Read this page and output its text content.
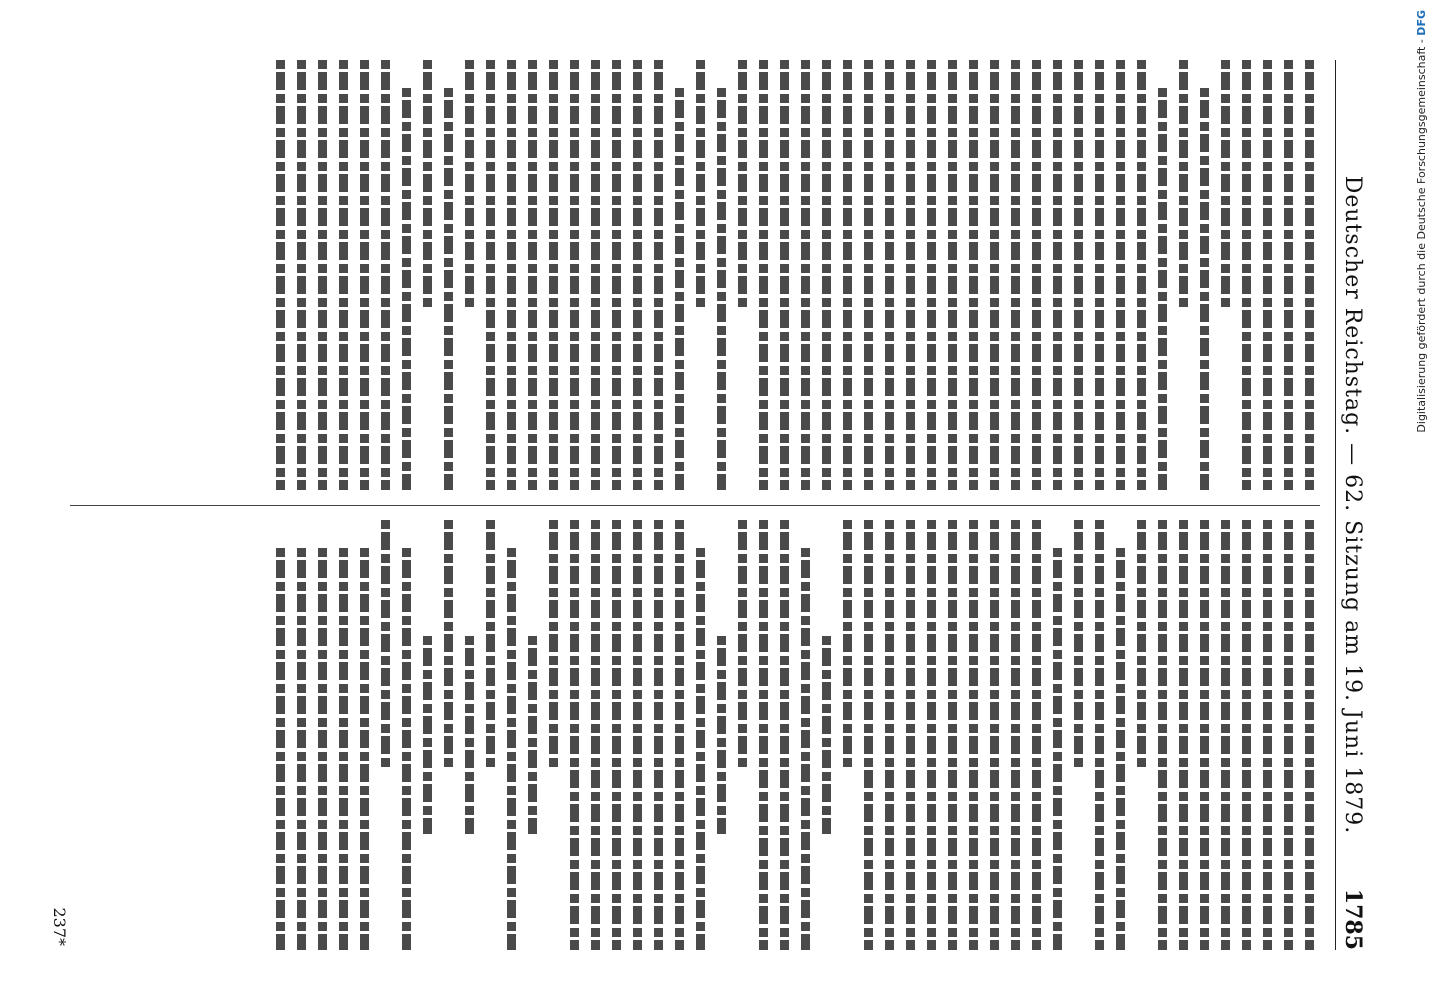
Deutscher Reichstag. — 62. Sitzung am 19. Juni 1879.
1785
237*
Digitalisierung gefördert durch die Deutsche Forschungsgemeinschaft - DFG
